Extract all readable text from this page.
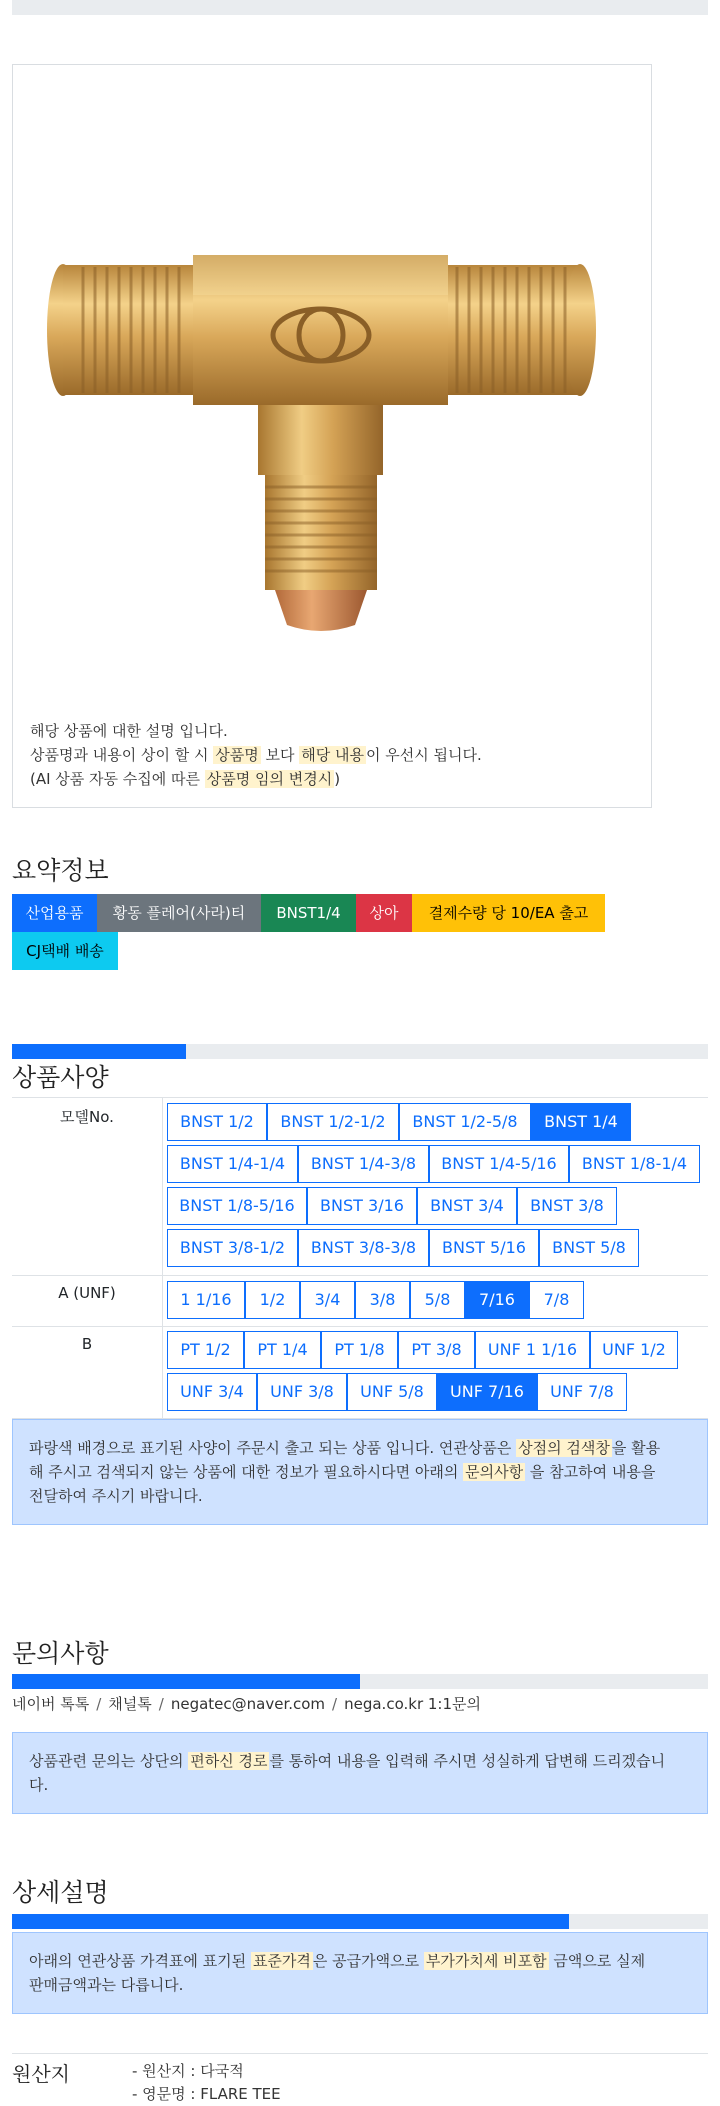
해당 상품에 대한 설명 입니다.
상품명과 내용이 상이 할 시 상품명 보다 해당 내용 이 우선시 됩니다.
(AI 상품 자동 수집에 따른 상품명 임의 변경시 )
요약정보
산업용품	황동 플레어(사라)티	BNST1/4	상아	결제수량 당 10/EA 출고
CJ택배 배송
상품사양
모델No.	BNST 1/2	BNST 1/2-1/2	BNST 1/2-5/8	BNST 1/4
BNST 1/4-1/4	BNST 1/4-3/8	BNST 1/4-5/16	BNST 1/8-1/4
BNST 1/8-5/16	BNST 3/16	BNST 3/4	BNST 3/8
BNST 3/8-1/2	BNST 3/8-3/8	BNST 5/16	BNST 5/8
A (UNF)	1 1/16	1/2	3/4	3/8	5/8	7/16	7/8
B	PT 1/2	PT 1/4	PT 1/8	PT 3/8	UNF 1 1/16	UNF 1/2
UNF 3/4	UNF 3/8	UNF 5/8	UNF 7/16	UNF 7/8
파랑색 배경으로 표기된 사양이 주문시 출고 되는 상품 입니다. 연관상품은 상점의 검색창 을 활용
해 주시고 검색되지 않는 상품에 대한 정보가 필요하시다면 아래의 문의사항 을 참고하여 내용을
전달하여 주시기 바랍니다.
문의사항
네이버 톡톡 / 채널톡 / negatec@naver.com / nega.co.kr 1:1문의
상품관련 문의는 상단의 편하신 경로 를 통하여 내용을 입력해 주시면 성실하게 답변해 드리겠습니
다.
상세설명
아래의 연관상품 가격표에 표기된 표준가격 은 공급가액으로 부가가치세 비포함 금액으로 실제
판매금액과는 다릅니다.
원산지	- 원산지 : 다국적
- 영문명 : FLARE TEE
